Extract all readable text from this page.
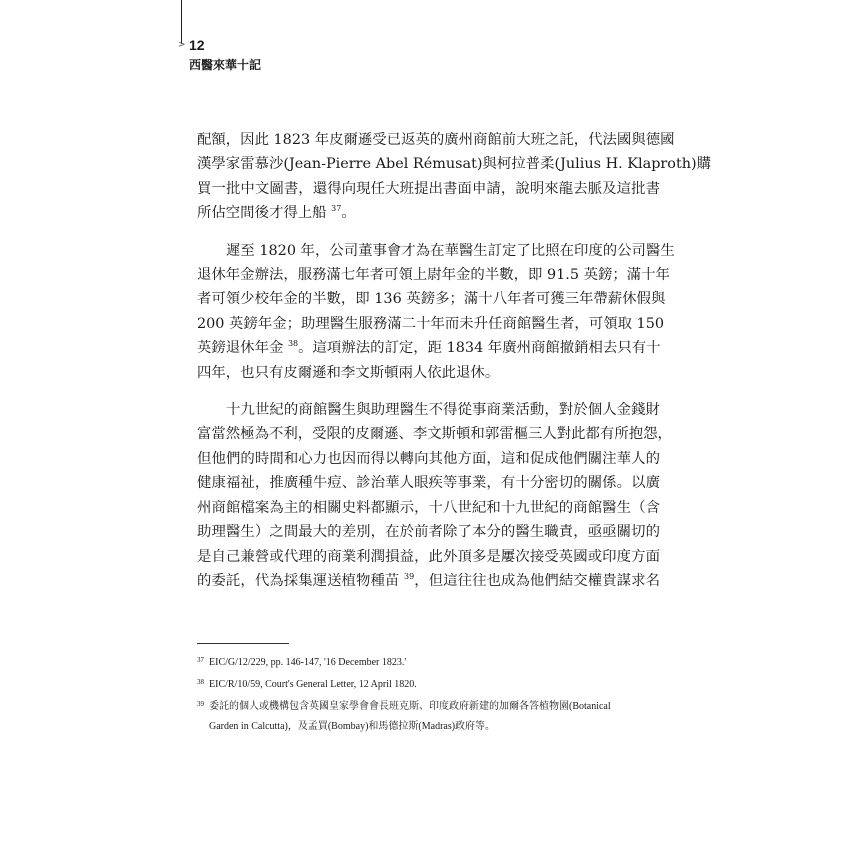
> 12
西醫來華十記

配額，因此 1823 年皮爾遜受已返英的廣州商館前大班之託，代法國與德國
漢學家雷慕沙(Jean-Pierre Abel Rémusat)與柯拉普柔(Julius H. Klaproth)購
買一批中文圖書，還得向現任大班提出書面申請，說明來龍去脈及這批書
所佔空間後才得上船 $^{37}$。

遲至 1820 年，公司董事會才為在華醫生訂定了比照在印度的公司醫生
退休年金辦法，服務滿七年者可領上尉年金的半數，即 91.5 英鎊；滿十年
者可領少校年金的半數，即 136 英鎊多；滿十八年者可獲三年帶薪休假與
200 英鎊年金；助理醫生服務滿二十年而未升任商館醫生者，可領取 150
英鎊退休年金 $^{38}$。這項辦法的訂定，距 1834 年廣州商館撤銷相去只有十
四年，也只有皮爾遜和李文斯頓兩人依此退休。

十九世紀的商館醫生與助理醫生不得從事商業活動，對於個人金錢財
富當然極為不利，受限的皮爾遜、李文斯頓和郭雷樞三人對此都有所抱怨，
但他們的時間和心力也因而得以轉向其他方面，這和促成他們關注華人的
健康福祉，推廣種牛痘、診治華人眼疾等事業，有十分密切的關係。以廣
州商館檔案為主的相關史料都顯示，十八世紀和十九世紀的商館醫生（含
助理醫生）之間最大的差別，在於前者除了本分的醫生職責，亟亟關切的
是自己兼營或代理的商業利潤損益，此外頂多是屢次接受英國或印度方面
的委託，代為採集運送植物種苗 $^{39}$，但這往往也成為他們結交權貴謀求名

37 EIC/G/12/229, pp. 146-147, '16 December 1823.'
38 EIC/R/10/59, Court's General Letter, 12 April 1820.
39 委託的個人或機構包含英國皇家學會會長班克斯、印度政府新建的加爾各答植物園(Botanical
Garden in Calcutta)，及孟買(Bombay)和馬德拉斯(Madras)政府等。
